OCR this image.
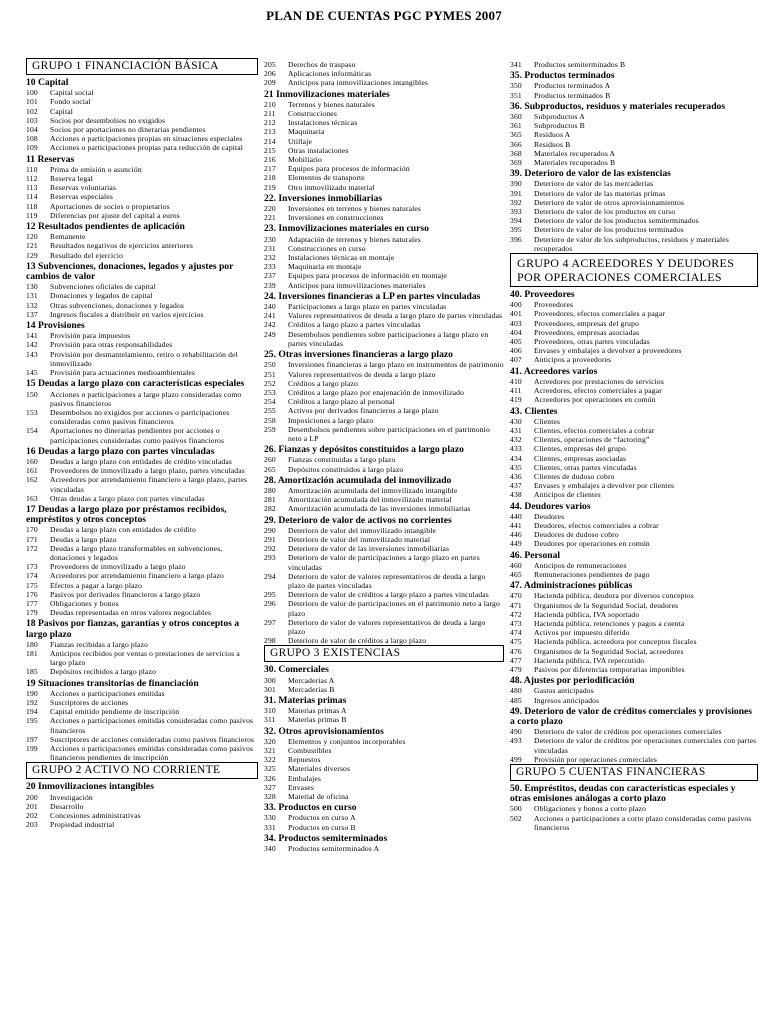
PLAN DE CUENTAS PGC PYMES 2007
GRUPO 1 FINANCIACIÓN BÁSICA
10 Capital
100 Capital social
101 Fondo social
102 Capital
103 Socios por desembolsos no exigidos
104 Socios por aportaciones no dinerarias pendientes
108 Acciones o participaciones propias en situaciones especiales
109 Acciones o participaciones propias para reducción de capital
11 Reservas
110 Prima de emisión o asunción
112 Reserva legal
113 Reservas voluntarias
114 Reservas especiales
118 Aportaciones de socios o propietarios
119 Diferencias por ajuste del capital a euros
12 Resultados pendientes de aplicación
120 Remanente
121 Resultados negativos de ejercicios anteriores
129 Resultado del ejercicio
13 Subvenciones, donaciones, legados y ajustes por cambios de valor
130 Subvenciones oficiales de capital
131 Donaciones y legados de capital
132 Otras subvenciones, donaciones y legados
137 Ingresos fiscales a distribuir en varios ejercicios
14 Provisiones
141 Provisión para impuestos
142 Provisión para otras responsabilidades
143 Provisión por desmantelamiento, retiro o rehabilitación del inmovilizado
145 Provisión para actuaciones medioambientales
15 Deudas a largo plazo con características especiales
150 Acciones o participaciones a largo plazo consideradas como pasivos financieros
153 Desembolsos no exigidos por acciones o participaciones consideradas como pasivos financieros
154 Aportaciones no dinerarias pendientes por acciones o participaciones consideradas como pasivos financieros
16 Deudas a largo plazo con partes vinculadas
160 Deudas a largo plazo con entidades de crédito vinculadas
161 Proveedores de inmovilizado a largo plazo, partes vinculadas
162 Acreedores por arrendamiento financiero a largo plazo, partes vinculadas
163 Otras deudas a largo plazo con partes vinculadas
17 Deudas a largo plazo por préstamos recibidos, empréstitos y otros conceptos
170 Deudas a largo plazo con entidades de crédito
171 Deudas a largo plazo
172 Deudas a largo plazo transformables en subvenciones, donaciones y legados
173 Proveedores de inmovilizado a largo plazo
174 Acreedores por arrendamiento financiero a largo plazo
175 Efectos a pagar a largo plazo
176 Pasivos por derivados financieros a largo plazo
177 Obligaciones y bonos
179 Deudas representadas en otros valores negociables
18 Pasivos por fianzas, garantías y otros conceptos a largo plazo
180 Fianzas recibidas a largo plazo
181 Anticipos recibidos por ventas o prestaciones de servicios a largo plazo
185 Depósitos recibidos a largo plazo
19 Situaciones transitorias de financiación
190 Acciones o participaciones emitidas
192 Suscriptores de acciones
194 Capital emitido pendiente de inscripción
195 Acciones o participaciones emitidas consideradas como pasivos financieros
197 Suscriptores de acciones consideradas como pasivos financieros
199 Acciones o participaciones emitidas consideradas como pasivos financieros pendientes de inscripción
GRUPO 2 ACTIVO NO CORRIENTE
20 Inmovilizaciones intangibles
200 Investigación
201 Desarrollo
202 Concesiones administrativas
203 Propiedad industrial
205 Derechos de traspaso
206 Aplicaciones informáticas
209 Anticipos para inmovilizaciones intangibles
21 Inmovilizaciones materiales
210 Terrenos y bienes naturales
211 Construcciones
212 Instalaciones técnicas
213 Maquinaria
214 Utillaje
215 Otras instalaciones
216 Mobiliario
217 Equipos para procesos de información
218 Elementos de transporte
219 Otro inmovilizado material
22. Inversiones inmobiliarias
220 Inversiones en terrenos y bienes naturales
221 Inversiones en construcciones
23. Inmovilizaciones materiales en curso
230 Adaptación de terrenos y bienes naturales
231 Construcciones en curso
232 Instalaciones técnicas en montaje
233 Maquinaria en montaje
237 Equipos para procesos de información en montaje
239 Anticipos para inmovilizaciones materiales
24. Inversiones financieras a LP en partes vinculadas
240 Participaciones a largo plazo en partes vinculadas
241 Valores representativos de deuda a largo plazo de partes vinculadas
242 Créditos a largo plazo a partes vinculadas
249 Desembolsos pendientes sobre participaciones a largo plazo en partes vinculadas
25. Otras inversiones financieras a largo plazo
250 Inversiones financieras a largo plazo en instrumentos de patrimonio
251 Valores representativos de deuda a largo plazo
252 Créditos a largo plazo
253 Créditos a largo plazo por enajenación de inmovilizado
254 Créditos a largo plazo al personal
255 Activos por derivados financieros a largo plazo
258 Imposiciones a largo plazo
259 Desembolsos pendientes sobre participaciones en el patrimonio neto a LP
26. Fianzas y depósitos constituidos a largo plazo
260 Fianzas constituidas a largo plazo
265 Depósitos constituidos a largo plazo
28. Amortización acumulada del inmovilizado
280 Amortización acumulada del inmovilizado intangible
281 Amortización acumulada del inmovilizado material
282 Amortización acumulada de las inversiones inmobiliarias
29. Deterioro de valor de activos no corrientes
290 Deterioro de valor del inmovilizado intangible
291 Deterioro de valor del inmovilizado material
292 Deterioro de valor de las inversiones inmobiliarias
293 Deterioro de valor de participaciones a largo plazo en partes vinculadas
294 Deterioro de valor de valores representativos de deuda a largo plazo de partes vinculadas
295 Deterioro de valor de créditos a largo plazo a partes vinculadas
296 Deterioro de valor de participaciones en el patrimonio neto a largo plazo
297 Deterioro de valor de valores representativos de deuda a largo plazo
298 Deterioro de valor de créditos a largo plazo
GRUPO 3 EXISTENCIAS
30. Comerciales
300 Mercaderías A
301 Mercaderías B
31. Materias primas
310 Materias primas A
311 Materias primas B
32. Otros aprovisionamientos
320 Elementos y conjuntos incorporables
321 Combustibles
322 Repuestos
325 Materiales diversos
326 Embalajes
327 Envases
328 Material de oficina
33. Productos en curso
330 Productos en curso A
331 Productos en curso B
34. Productos semiterminados
340 Productos semiterminados A
341 Productos semiterminados B
35. Productos terminados
350 Productos terminados A
351 Productos terminados B
36. Subproductos, residuos y materiales recuperados
360 Subproductos A
361 Subproductos B
365 Residuos A
366 Residuos B
368 Materiales recuperados A
369 Materiales recuperados B
39. Deterioro de valor de las existencias
390 Deterioro de valor de las mercaderías
391 Deterioro de valor de las materias primas
392 Deterioro de valor de otros aprovisionamientos
393 Deterioro de valor de los productos en curso
394 Deterioro de valor de los productos semiterminados
395 Deterioro de valor de los productos terminados
396 Deterioro de valor de los subproductos, residuos y materiales recuperados
GRUPO 4 ACREEDORES Y DEUDORES POR OPERACIONES COMERCIALES
40. Proveedores
400 Proveedores
401 Proveedores, efectos comerciales a pagar
403 Proveedores, empresas del grupo
404 Proveedores, empresas asociadas
405 Proveedores, otras partes vinculadas
406 Envases y embalajes a devolver a proveedores
407 Anticipos a proveedores
41. Acreedores varios
410 Acreedores por prestaciones de servicios
411 Acreedores, efectos comerciales a pagar
419 Acreedores por operaciones en común
43. Clientes
430 Clientes
431 Clientes, efectos comerciales a cobrar
432 Clientes, operaciones de “factoring”
433 Clientes, empresas del grupo
434 Clientes, empresas asociadas
435 Clientes, otras partes vinculadas
436 Clientes de dudoso cobro
437 Envases y embalajes a devolver por clientes
438 Anticipos de clientes
44. Deudores varios
440 Deudores
441 Deudores, efectos comerciales a cobrar
446 Deudores de dudoso cobro
449 Deudores por operaciones en común
46. Personal
460 Anticipos de remuneraciones
465 Remuneraciones pendientes de pago
47. Administraciones públicas
470 Hacienda pública, deudora por diversos conceptos
471 Organismos de la Seguridad Social, deudores
472 Hacienda pública, IVA soportado
473 Hacienda pública, retenciones y pagos a cuenta
474 Activos por impuesto diferido
475 Hacienda pública, acreedora por conceptos fiscales
476 Organismos de la Seguridad Social, acreedores
477 Hacienda pública, IVA repercutido
479 Pasivos por diferencias temporarias imponibles
48. Ajustes por periodificación
480 Gastos anticipados
485 Ingresos anticipados
49. Deterioro de valor de créditos comerciales y provisiones a corto plazo
490 Deterioro de valor de créditos por operaciones comerciales
493 Deterioro de valor de créditos por operaciones comerciales con partes vinculadas
499 Provisión por operaciones comerciales
GRUPO 5 CUENTAS FINANCIERAS
50. Empréstitos, deudas con características especiales y otras emisiones análogas a corto plazo
500 Obligaciones y bonos a corto plazo
502 Acciones o participaciones a corto plazo consideradas como pasivos financieros
